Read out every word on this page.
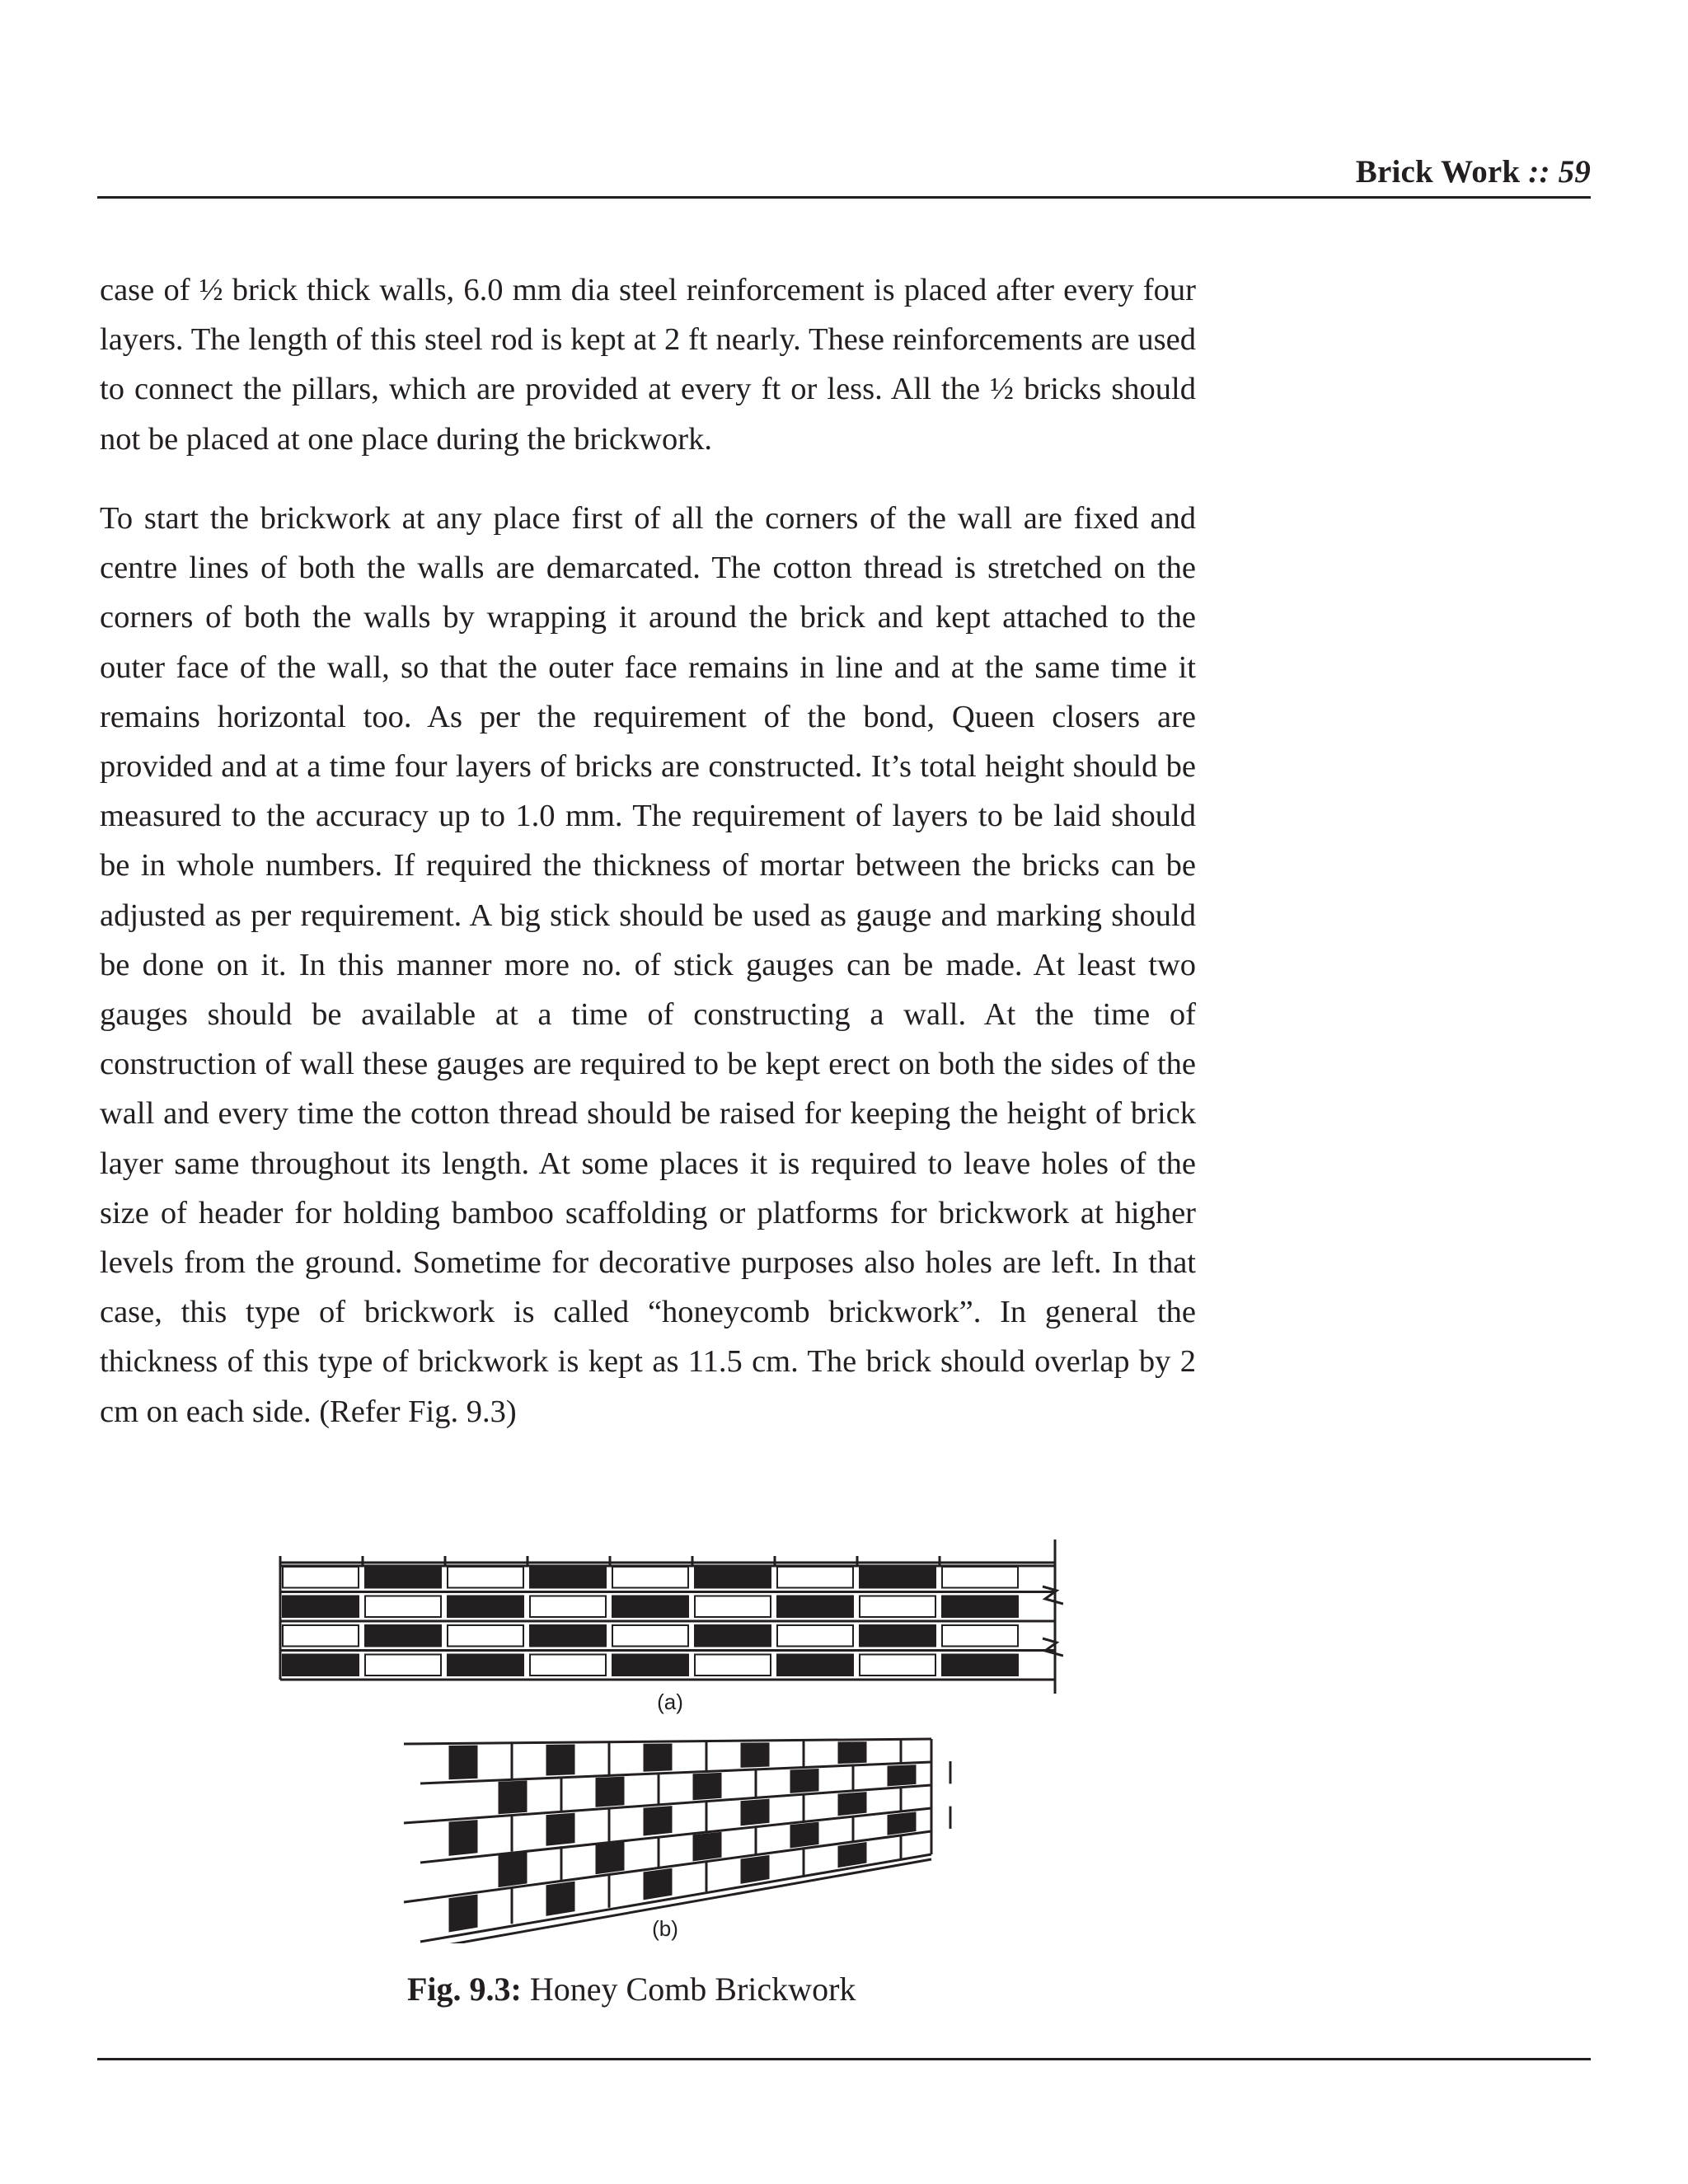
Brick Work :: 59

case of ½ brick thick walls, 6.0 mm dia steel reinforcement is placed after every four layers. The length of this steel rod is kept at 2 ft nearly. These reinforcements are used to connect the pillars, which are provided at every ft or less. All the ½ bricks should not be placed at one place during the brickwork.

To start the brickwork at any place first of all the corners of the wall are fixed and centre lines of both the walls are demarcated. The cotton thread is stretched on the corners of both the walls by wrapping it around the brick and kept attached to the outer face of the wall, so that the outer face remains in line and at the same time it remains horizontal too. As per the requirement of the bond, Queen closers are provided and at a time four layers of bricks are constructed. It’s total height should be measured to the accuracy up to 1.0 mm. The requirement of layers to be laid should be in whole numbers. If required the thickness of mortar between the bricks can be adjusted as per requirement. A big stick should be used as gauge and marking should be done on it. In this manner more no. of stick gauges can be made. At least two gauges should be available at a time of constructing a wall. At the time of construction of wall these gauges are required to be kept erect on both the sides of the wall and every time the cotton thread should be raised for keeping the height of brick layer same throughout its length. At some places it is required to leave holes of the size of header for holding bamboo scaffolding or platforms for brickwork at higher levels from the ground. Sometime for decorative purposes also holes are left. In that case, this type of brickwork is called “honeycomb brickwork”. In general the thickness of this type of brickwork is kept as 11.5 cm. The brick should overlap by 2 cm on each side. (Refer Fig. 9.3)

(a)
(b)
Fig. 9.3: Honey Comb Brickwork
